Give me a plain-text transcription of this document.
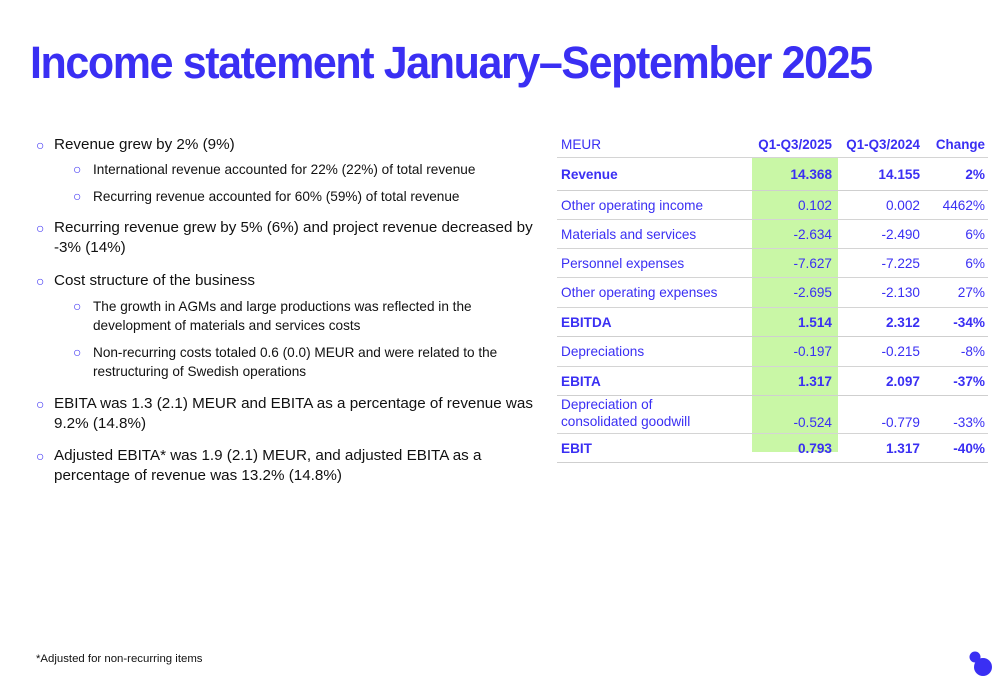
Income statement January–September 2025
○ Revenue grew by 2% (9%)
○ International revenue accounted for 22% (22%) of total revenue
○ Recurring revenue accounted for 60% (59%) of total revenue
○ Recurring revenue grew by 5% (6%) and project revenue decreased by -3% (14%)
○ Cost structure of the business
○ The growth in AGMs and large productions was reflected in the development of materials and services costs
○ Non-recurring costs totaled 0.6 (0.0) MEUR and were related to the restructuring of Swedish operations
○ EBITA was 1.3 (2.1) MEUR and EBITA as a percentage of revenue was 9.2% (14.8%)
○ Adjusted EBITA* was 1.9 (2.1) MEUR, and adjusted EBITA as a percentage of revenue was 13.2% (14.8%)
MEUR	Q1-Q3/2025	Q1-Q3/2024	Change
Revenue	14.368	14.155	2%
Other operating income	0.102	0.002	4462%
Materials and services	-2.634	-2.490	6%
Personnel expenses	-7.627	-7.225	6%
Other operating expenses	-2.695	-2.130	27%
EBITDA	1.514	2.312	-34%
Depreciations	-0.197	-0.215	-8%
EBITA	1.317	2.097	-37%
Depreciation of consolidated goodwill	-0.524	-0.779	-33%
EBIT	0.793	1.317	-40%
*Adjusted for non-recurring items
